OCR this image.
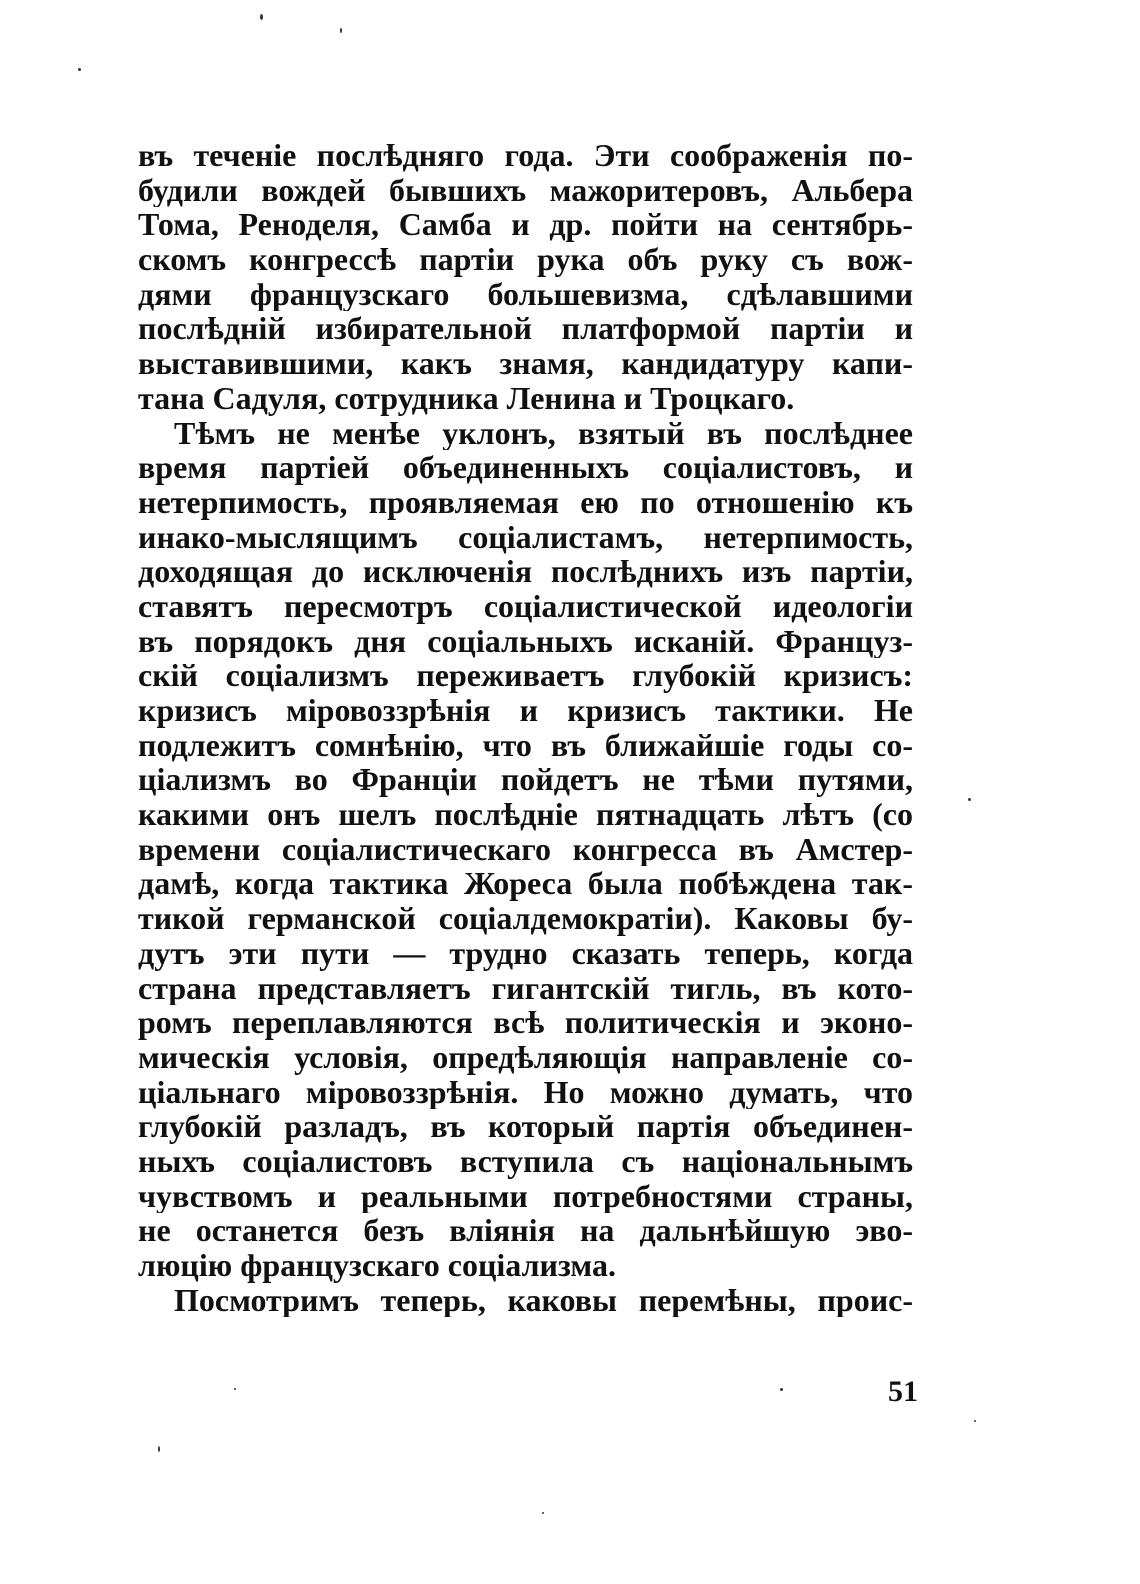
въ теченіе послѣдняго года. Эти соображенія по-
будили вождей бывшихъ мажоритеровъ, Альбера
Тома, Реноделя, Самба и др. пойти на сентябрь-
скомъ конгрессѣ партіи рука объ руку съ вож-
дями французскаго большевизма, сдѣлавшими
послѣднiй избирательной платформой партіи и
выставившими, какъ знамя, кандидатуру капи-
тана Садуля, сотрудника Ленина и Троцкаго.
Тѣмъ не менѣе уклонъ, взятый въ послѣднее
время партіей объединенныхъ соціалистовъ, и
нетерпимость, проявляемая ею по отношенію къ
инако-мыслящимъ соціалистамъ, нетерпимость,
доходящая до исключенія послѣднихъ изъ партіи,
ставятъ пересмотръ соціалистической идеологіи
въ порядокъ дня соціальныхъ исканій. Француз-
скій соціализмъ переживаетъ глубокій кризисъ:
кризисъ міровоззрѣнія и кризисъ тактики. Не
подлежитъ сомнѣнію, что въ ближайшіе годы со-
ціализмъ во Франціи пойдетъ не тѣми путями,
какими онъ шелъ послѣдніе пятнадцать лѣтъ (со
времени соціалистическаго конгресса въ Амстер-
дамѣ, когда тактика Жореса была побѣждена так-
тикой германской соціалдемократіи). Каковы бу-
дутъ эти пути — трудно сказать теперь, когда
страна представляетъ гигантскій тигль, въ кото-
ромъ переплавляются всѣ политическія и эконо-
мическія условія, опредѣляющія направленіе со-
ціальнаго міровоззрѣнія. Но можно думать, что
глубокій разладъ, въ который партія объединен-
ныхъ соціалистовъ вступила съ національнымъ
чувствомъ и реальными потребностями страны,
не останется безъ вліянія на дальнѣйшую эво-
люцію французскаго соціализма.
Посмотримъ теперь, каковы перемѣны, проис-
51
